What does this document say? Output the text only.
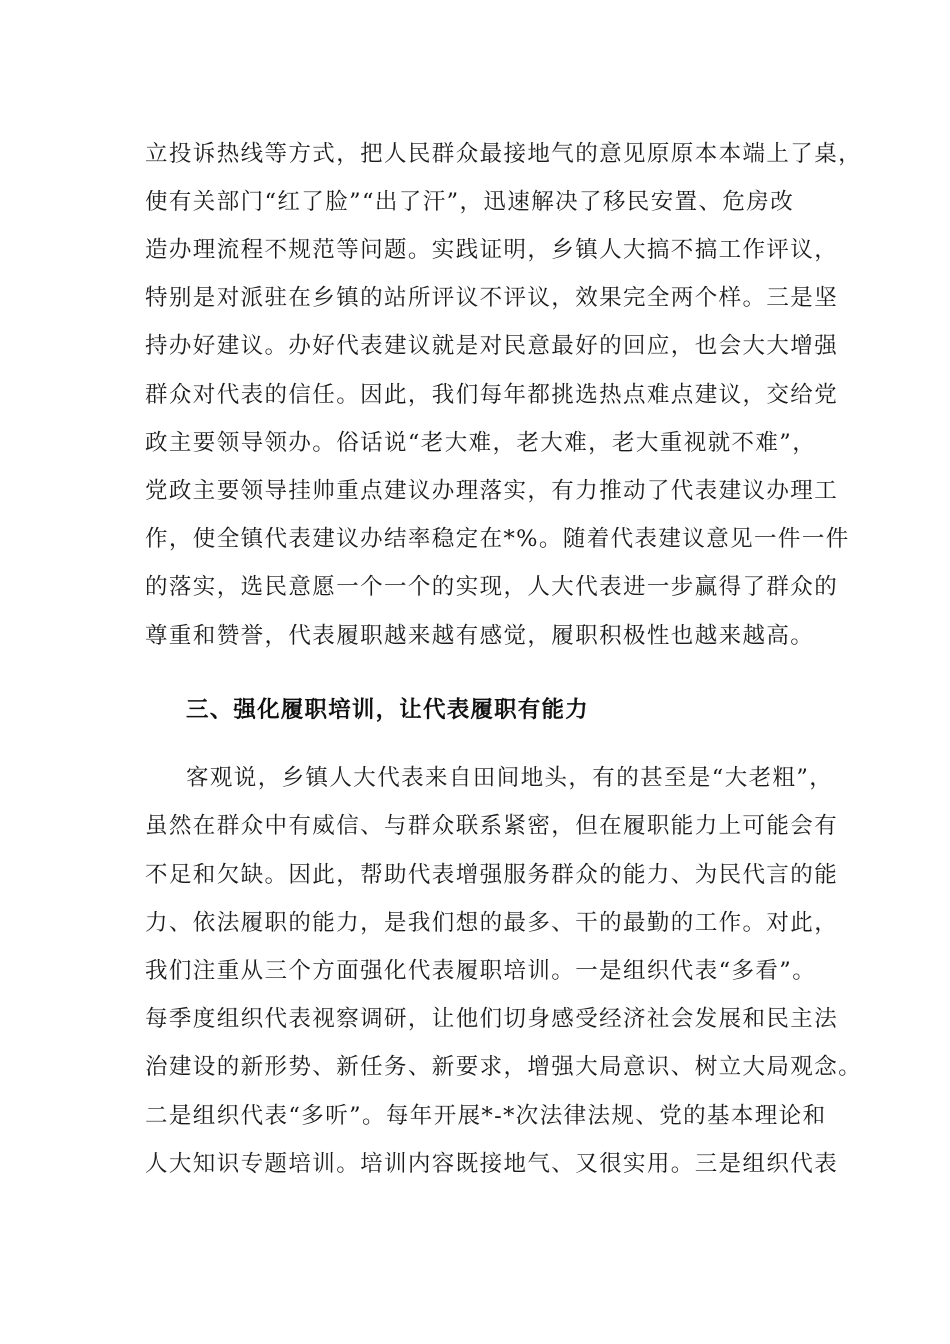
立投诉热线等方式，把人民群众最接地气的意见原原本本端上了桌，
使有关部门“红了脸”“出了汗”，迅速解决了移民安置、危房改
造办理流程不规范等问题。实践证明，乡镇人大搞不搞工作评议，
特别是对派驻在乡镇的站所评议不评议，效果完全两个样。三是坚
持办好建议。办好代表建议就是对民意最好的回应，也会大大增强
群众对代表的信任。因此，我们每年都挑选热点难点建议，交给党
政主要领导领办。俗话说“老大难，老大难，老大重视就不难”，
党政主要领导挂帅重点建议办理落实，有力推动了代表建议办理工
作，使全镇代表建议办结率稳定在*%。随着代表建议意见一件一件
的落实，选民意愿一个一个的实现，人大代表进一步赢得了群众的
尊重和赞誉，代表履职越来越有感觉，履职积极性也越来越高。
三、强化履职培训，让代表履职有能力
客观说，乡镇人大代表来自田间地头，有的甚至是“大老粗”，
虽然在群众中有威信、与群众联系紧密，但在履职能力上可能会有
不足和欠缺。因此，帮助代表增强服务群众的能力、为民代言的能
力、依法履职的能力，是我们想的最多、干的最勤的工作。对此，
我们注重从三个方面强化代表履职培训。一是组织代表“多看”。
每季度组织代表视察调研，让他们切身感受经济社会发展和民主法
治建设的新形势、新任务、新要求，增强大局意识、树立大局观念。
二是组织代表“多听”。每年开展*-*次法律法规、党的基本理论和
人大知识专题培训。培训内容既接地气、又很实用。三是组织代表
